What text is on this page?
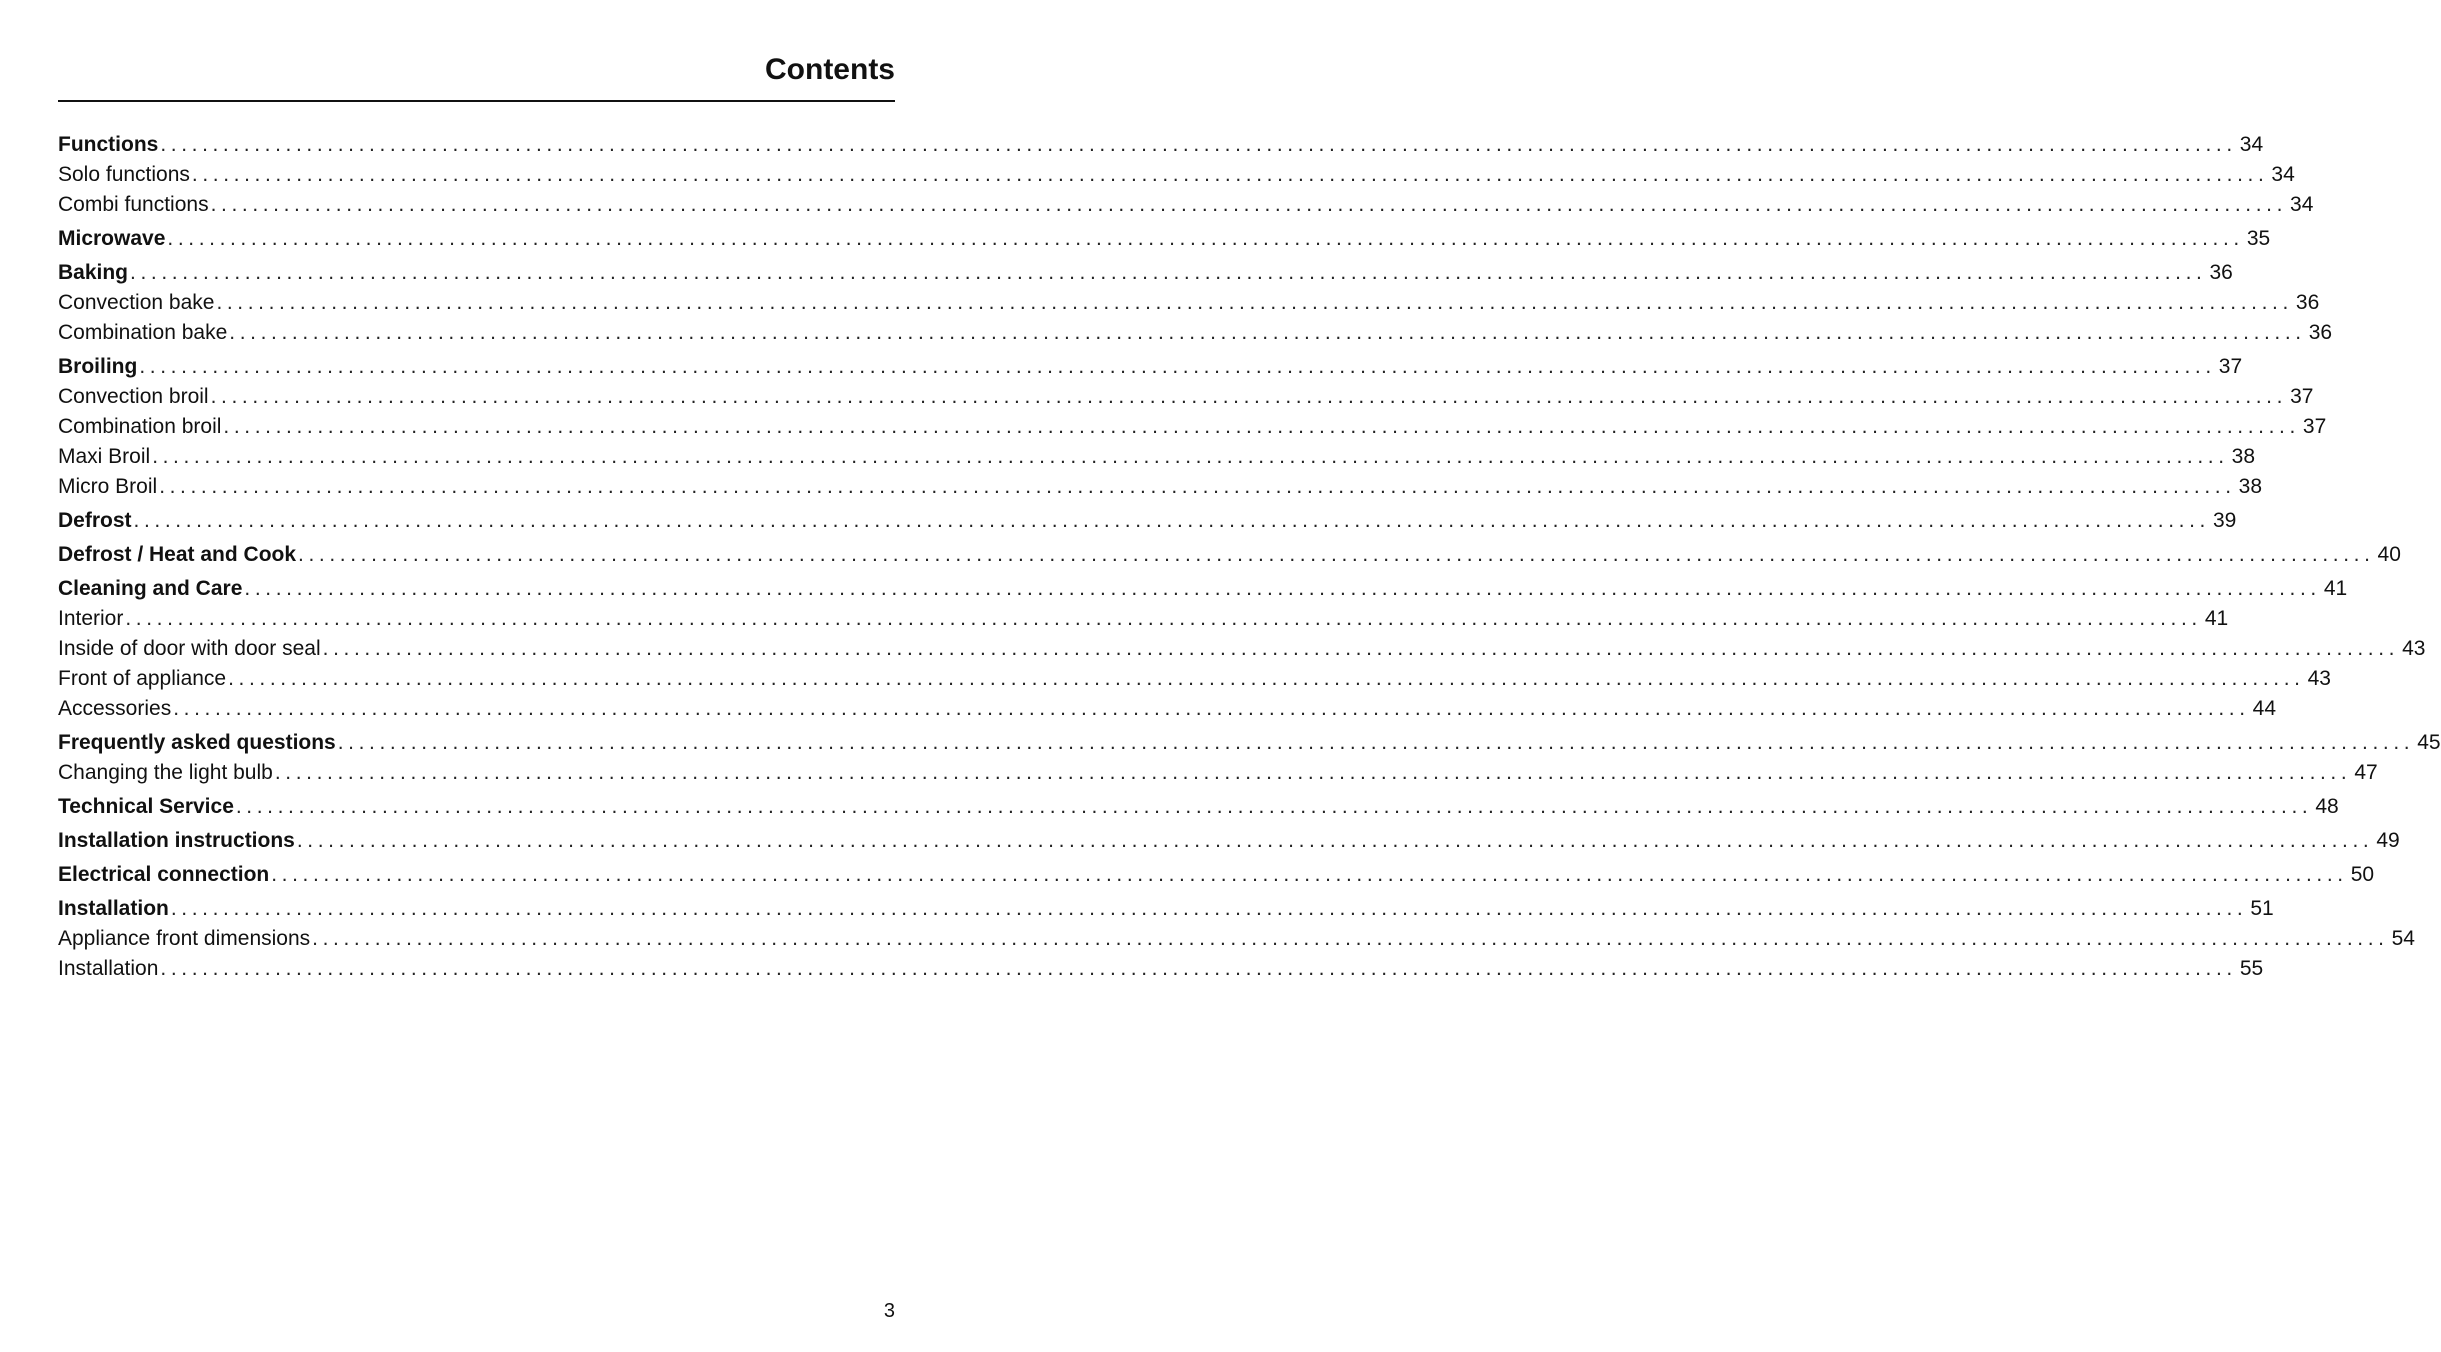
Contents
Functions ....................................................................................................................................................................................................... 34
Solo functions ....................................................................................................................................................................................................... 34
Combi functions ....................................................................................................................................................................................................... 34
Microwave ....................................................................................................................................................................................................... 35
Baking ....................................................................................................................................................................................................... 36
Convection bake ....................................................................................................................................................................................................... 36
Combination bake ....................................................................................................................................................................................................... 36
Broiling ....................................................................................................................................................................................................... 37
Convection broil ....................................................................................................................................................................................................... 37
Combination broil ....................................................................................................................................................................................................... 37
Maxi Broil ....................................................................................................................................................................................................... 38
Micro Broil ....................................................................................................................................................................................................... 38
Defrost ....................................................................................................................................................................................................... 39
Defrost / Heat and Cook ....................................................................................................................................................................................................... 40
Cleaning and Care ....................................................................................................................................................................................................... 41
Interior ....................................................................................................................................................................................................... 41
Inside of door with door seal ....................................................................................................................................................................................................... 43
Front of appliance ....................................................................................................................................................................................................... 43
Accessories ....................................................................................................................................................................................................... 44
Frequently asked questions ....................................................................................................................................................................................................... 45
Changing the light bulb ....................................................................................................................................................................................................... 47
Technical Service ....................................................................................................................................................................................................... 48
Installation instructions ....................................................................................................................................................................................................... 49
Electrical connection ....................................................................................................................................................................................................... 50
Installation ....................................................................................................................................................................................................... 51
Appliance front dimensions ....................................................................................................................................................................................................... 54
Installation ....................................................................................................................................................................................................... 55
3
